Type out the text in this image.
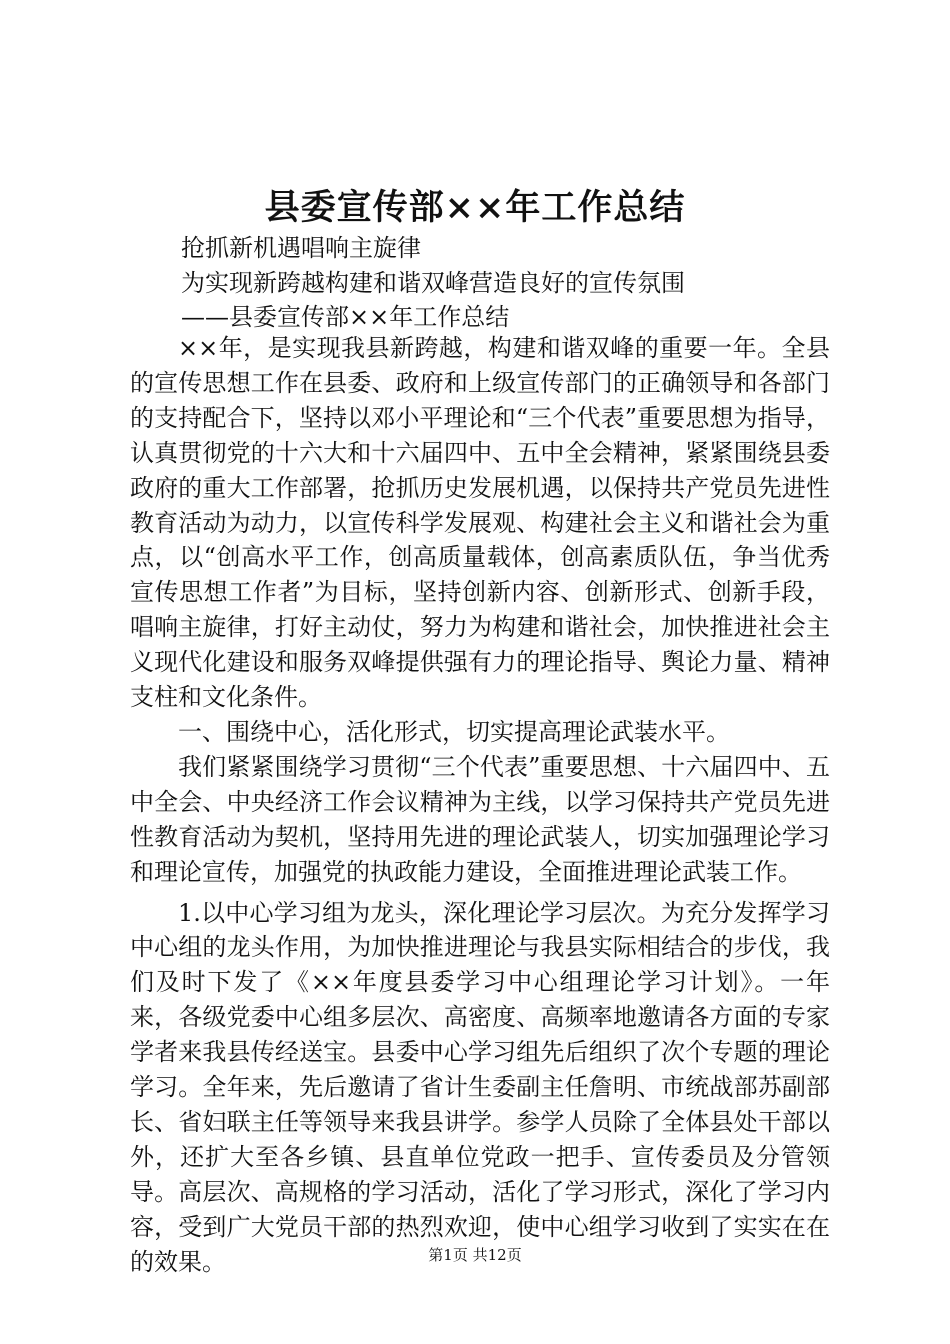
县委宣传部××年工作总结
抢抓新机遇唱响主旋律
为实现新跨越构建和谐双峰营造良好的宣传氛围
——县委宣传部××年工作总结

××年，是实现我县新跨越，构建和谐双峰的重要一年。全县的宣传思想工作在县委、政府和上级宣传部门的正确领导和各部门的支持配合下，坚持以邓小平理论和“三个代表”重要思想为指导，认真贯彻党的十六大和十六届四中、五中全会精神，紧紧围绕县委政府的重大工作部署，抢抓历史发展机遇，以保持共产党员先进性教育活动为动力，以宣传科学发展观、构建社会主义和谐社会为重点，以“创高水平工作，创高质量载体，创高素质队伍，争当优秀宣传思想工作者”为目标，坚持创新内容、创新形式、创新手段，唱响主旋律，打好主动仗，努力为构建和谐社会，加快推进社会主义现代化建设和服务双峰提供强有力的理论指导、舆论力量、精神支柱和文化条件。

一、围绕中心，活化形式，切实提高理论武装水平。

我们紧紧围绕学习贯彻“三个代表”重要思想、十六届四中、五中全会、中央经济工作会议精神为主线，以学习保持共产党员先进性教育活动为契机，坚持用先进的理论武装人，切实加强理论学习和理论宣传，加强党的执政能力建设，全面推进理论武装工作。

1.以中心学习组为龙头，深化理论学习层次。为充分发挥学习中心组的龙头作用，为加快推进理论与我县实际相结合的步伐，我们及时下发了《××年度县委学习中心组理论学习计划》。一年来，各级党委中心组多层次、高密度、高频率地邀请各方面的专家学者来我县传经送宝。县委中心学习组先后组织了次个专题的理论学习。全年来，先后邀请了省计生委副主任詹明、市统战部苏副部长、省妇联主任等领导来我县讲学。参学人员除了全体县处干部以外，还扩大至各乡镇、县直单位党政一把手、宣传委员及分管领导。高层次、高规格的学习活动，活化了学习形式，深化了学习内容，受到广大党员干部的热烈欢迎，使中心组学习收到了实实在在的效果。	第1页 共12页
